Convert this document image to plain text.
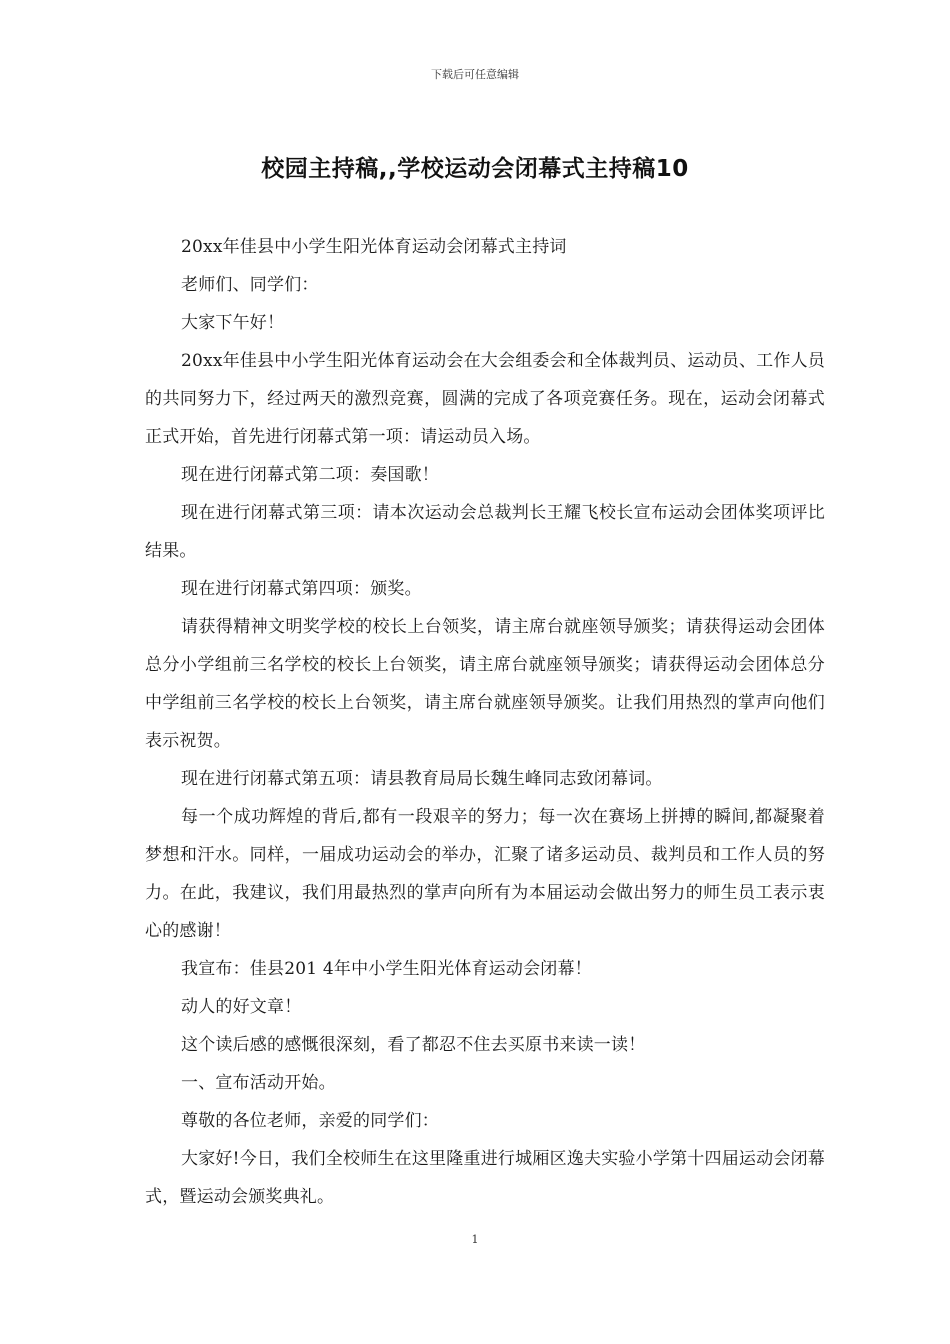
下载后可任意编辑
校园主持稿,,学校运动会闭幕式主持稿10

20xx年佳县中小学生阳光体育运动会闭幕式主持词

老师们、同学们：

大家下午好！

20xx年佳县中小学生阳光体育运动会在大会组委会和全体裁判员、运动员、工作人员的共同努力下，经过两天的激烈竞赛，圆满的完成了各项竞赛任务。现在，运动会闭幕式正式开始，首先进行闭幕式第一项：请运动员入场。

现在进行闭幕式第二项：奏国歌！

现在进行闭幕式第三项：请本次运动会总裁判长王耀飞校长宣布运动会团体奖项评比结果。

现在进行闭幕式第四项：颁奖。

请获得精神文明奖学校的校长上台领奖，请主席台就座领导颁奖；请获得运动会团体总分小学组前三名学校的校长上台领奖，请主席台就座领导颁奖；请获得运动会团体总分中学组前三名学校的校长上台领奖，请主席台就座领导颁奖。让我们用热烈的掌声向他们表示祝贺。

现在进行闭幕式第五项：请县教育局局长魏生峰同志致闭幕词。

每一个成功辉煌的背后,都有一段艰辛的努力；每一次在赛场上拼搏的瞬间,都凝聚着梦想和汗水。同样，一届成功运动会的举办，汇聚了诸多运动员、裁判员和工作人员的努力。在此，我建议，我们用最热烈的掌声向所有为本届运动会做出努力的师生员工表示衷心的感谢！

我宣布：佳县201 4年中小学生阳光体育运动会闭幕！

动人的好文章！

这个读后感的感慨很深刻，看了都忍不住去买原书来读一读！

一、宣布活动开始。

尊敬的各位老师，亲爱的同学们：

大家好!今日，我们全校师生在这里隆重进行城厢区逸夫实验小学第十四届运动会闭幕式，暨运动会颁奖典礼。

1
